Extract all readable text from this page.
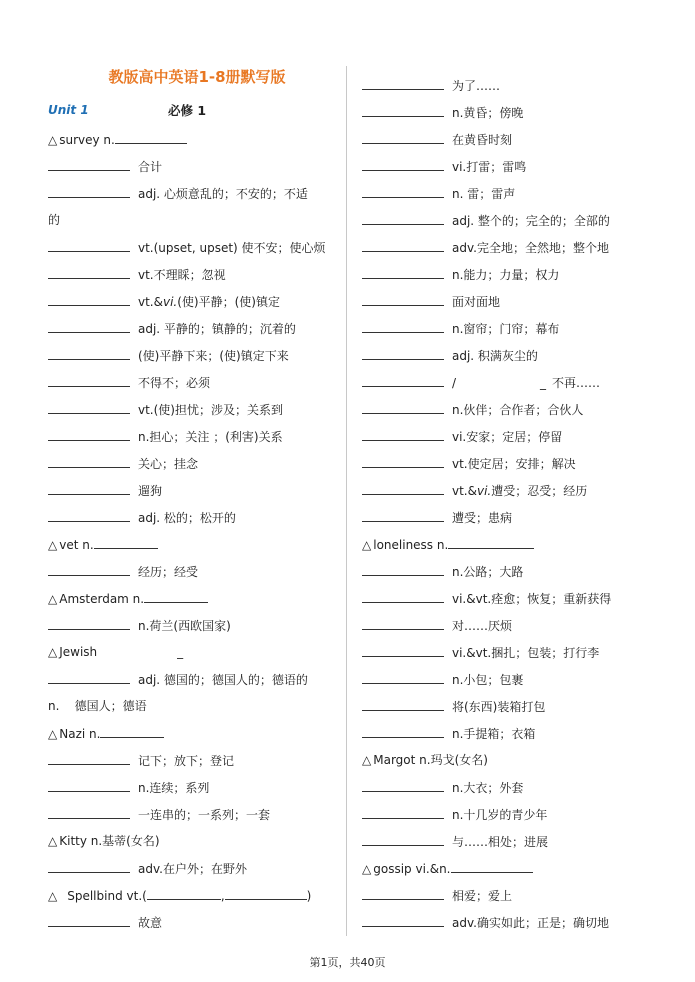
教版高中英语1-8册默写版
Unit 1	必修 1
△ survey n.
合计
adj. 心烦意乱的；不安的；不适
的
vt.(upset, upset) 使不安；使心烦
vt.不理睬；忽视
vt.&vi.(使)平静；(使)镇定
adj. 平静的；镇静的；沉着的
(使)平静下来；(使)镇定下来
不得不；必须
vt.(使)担忧；涉及；关系到
n.担心；关注 ；(利害)关系
关心；挂念
遛狗
adj. 松的；松开的
△ vet n.
经历；经受
△ Amsterdam n.
n.荷兰(西欧国家)
△ Jewish	_
adj. 德国的；德国人的；德语的
n.    德国人；德语
△ Nazi n.
记下；放下；登记
n.连续；系列
一连串的；一系列；一套
△ Kitty n.基蒂(女名)
adv.在户外；在野外
△ Spellbind vt.(	,	)
故意
为了……
n.黄昏；傍晚
在黄昏时刻
vi.打雷；雷鸣
n. 雷；雷声
adj. 整个的；完全的；全部的
adv.完全地；全然地；整个地
n.能力；力量；权力
面对面地
n.窗帘；门帘；幕布
adj. 积满灰尘的
/	_ 不再……
n.伙伴；合作者；合伙人
vi.安家；定居；停留
vt.使定居；安排；解决
vt.&vi.遭受；忍受；经历
遭受；患病
△ loneliness n.
n.公路；大路
vi.&vt.痊愈；恢复；重新获得
对……厌烦
vi.&vt.捆扎；包装；打行李
n.小包；包裹
将(东西)装箱打包
n.手提箱；衣箱
△ Margot n.玛戈(女名)
n.大衣；外套
n.十几岁的青少年
与……相处；进展
△ gossip vi.&n.
相爱；爱上
adv.确实如此；正是；确切地
第1页，共40页
